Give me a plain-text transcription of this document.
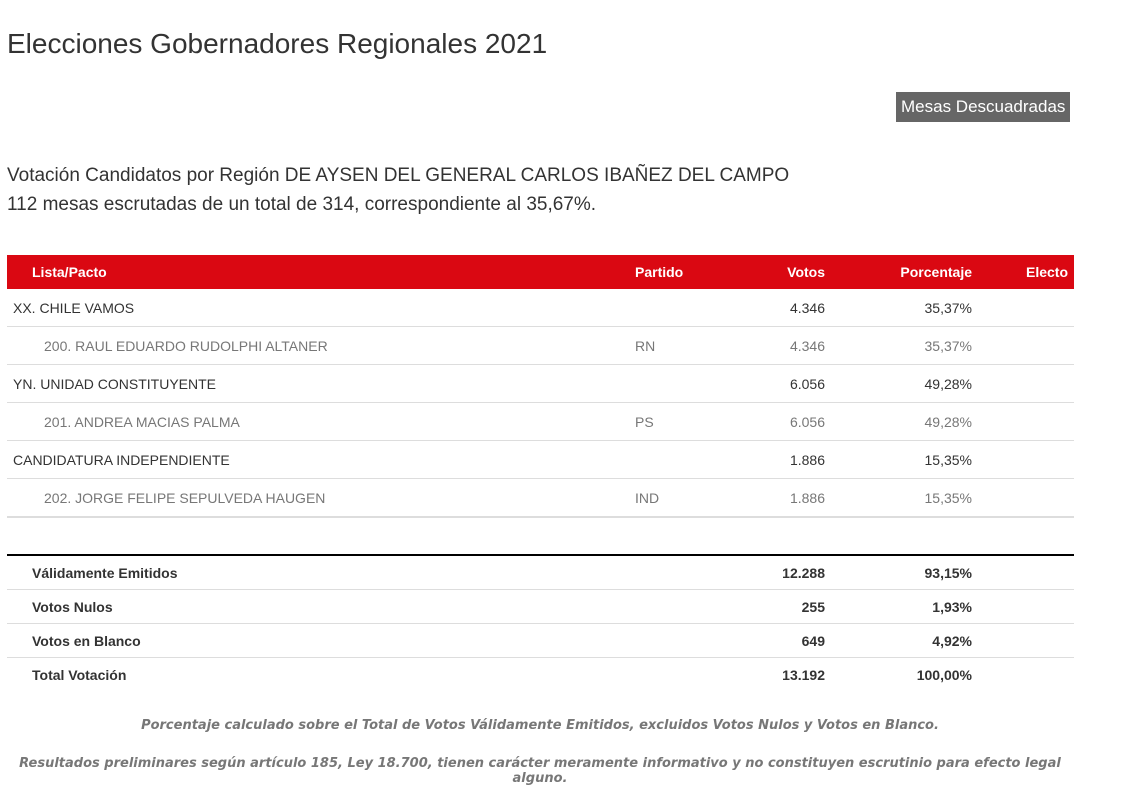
Elecciones Gobernadores Regionales 2021
Mesas Descuadradas
Votación Candidatos por Región DE AYSEN DEL GENERAL CARLOS IBAÑEZ DEL CAMPO
112 mesas escrutadas de un total de 314, correspondiente al 35,67%.
Lista/Pacto	Partido	Votos	Porcentaje	Electo
XX. CHILE VAMOS		4.346	35,37%	
200. RAUL EDUARDO RUDOLPHI ALTANER	RN	4.346	35,37%	
YN. UNIDAD CONSTITUYENTE		6.056	49,28%	
201. ANDREA MACIAS PALMA	PS	6.056	49,28%	
CANDIDATURA INDEPENDIENTE		1.886	15,35%	
202. JORGE FELIPE SEPULVEDA HAUGEN	IND	1.886	15,35%	
Válidamente Emitidos		12.288	93,15%	
Votos Nulos		255	1,93%	
Votos en Blanco		649	4,92%	
Total Votación		13.192	100,00%	
Porcentaje calculado sobre el Total de Votos Válidamente Emitidos, excluidos Votos Nulos y Votos en Blanco.
Resultados preliminares según artículo 185, Ley 18.700, tienen carácter meramente informativo y no constituyen escrutinio para efecto legal alguno.
